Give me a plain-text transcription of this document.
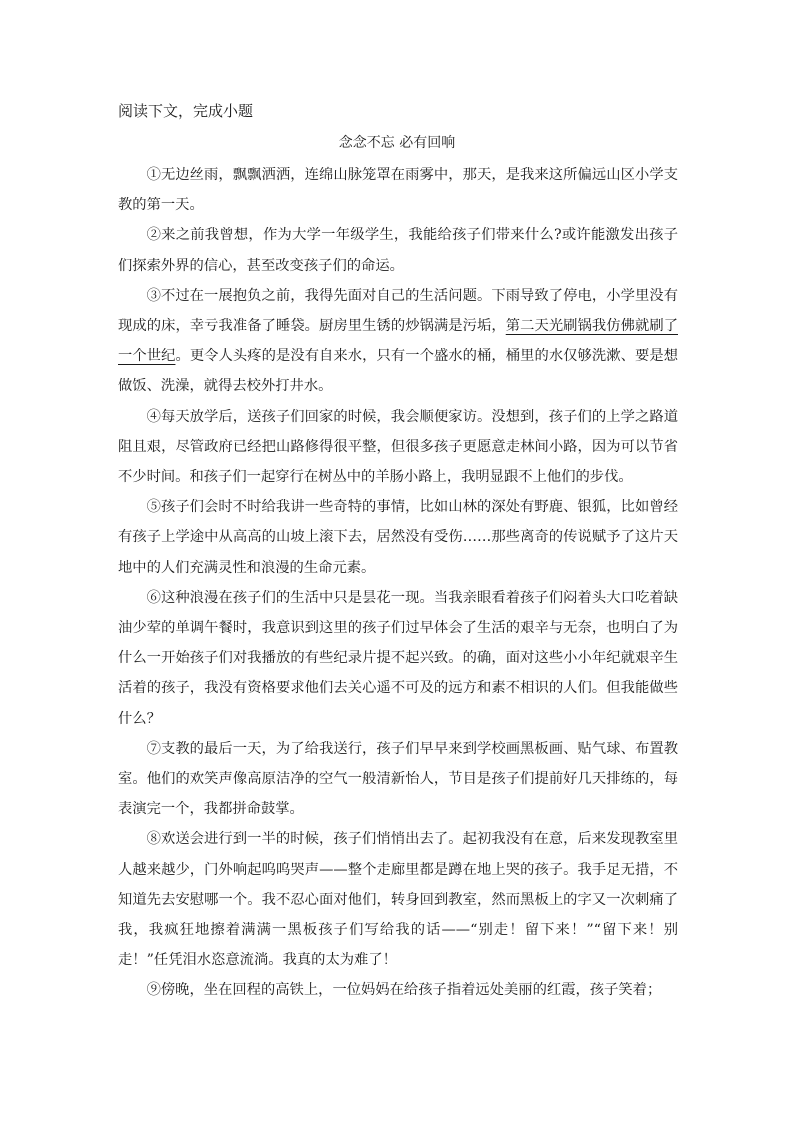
阅读下文，完成小题
念念不忘 必有回响

①无边丝雨，飘飘洒洒，连绵山脉笼罩在雨雾中，那天，是我来这所偏远山区小学支教的第一天。

②来之前我曾想，作为大学一年级学生，我能给孩子们带来什么?或许能激发出孩子们探索外界的信心，甚至改变孩子们的命运。

③不过在一展抱负之前，我得先面对自己的生活问题。下雨导致了停电，小学里没有现成的床，幸亏我准备了睡袋。厨房里生锈的炒锅满是污垢，第二天光刷锅我仿佛就刷了一个世纪。更令人头疼的是没有自来水，只有一个盛水的桶，桶里的水仅够洗漱、要是想做饭、洗澡，就得去校外打井水。

④每天放学后，送孩子们回家的时候，我会顺便家访。没想到，孩子们的上学之路道阻且艰，尽管政府已经把山路修得很平整，但很多孩子更愿意走林间小路，因为可以节省不少时间。和孩子们一起穿行在树丛中的羊肠小路上，我明显跟不上他们的步伐。

⑤孩子们会时不时给我讲一些奇特的事情，比如山林的深处有野鹿、银狐，比如曾经有孩子上学途中从高高的山坡上滚下去，居然没有受伤……那些离奇的传说赋予了这片天地中的人们充满灵性和浪漫的生命元素。

⑥这种浪漫在孩子们的生活中只是昙花一现。当我亲眼看着孩子们闷着头大口吃着缺油少荤的单调午餐时，我意识到这里的孩子们过早体会了生活的艰辛与无奈，也明白了为什么一开始孩子们对我播放的有些纪录片提不起兴致。的确，面对这些小小年纪就艰辛生活着的孩子，我没有资格要求他们去关心遥不可及的远方和素不相识的人们。但我能做些什么？

⑦支教的最后一天，为了给我送行，孩子们早早来到学校画黑板画、贴气球、布置教室。他们的欢笑声像高原洁净的空气一般清新怡人，节目是孩子们提前好几天排练的，每表演完一个，我都拼命鼓掌。

⑧欢送会进行到一半的时候，孩子们悄悄出去了。起初我没有在意，后来发现教室里人越来越少，门外响起呜呜哭声——整个走廊里都是蹲在地上哭的孩子。我手足无措，不知道先去安慰哪一个。我不忍心面对他们，转身回到教室，然而黑板上的字又一次刺痛了我，我疯狂地擦着满满一黑板孩子们写给我的话——“别走！留下来！”“留下来！别走！”任凭泪水恣意流淌。我真的太为难了！

⑨傍晚，坐在回程的高铁上，一位妈妈在给孩子指着远处美丽的红霞，孩子笑着；
